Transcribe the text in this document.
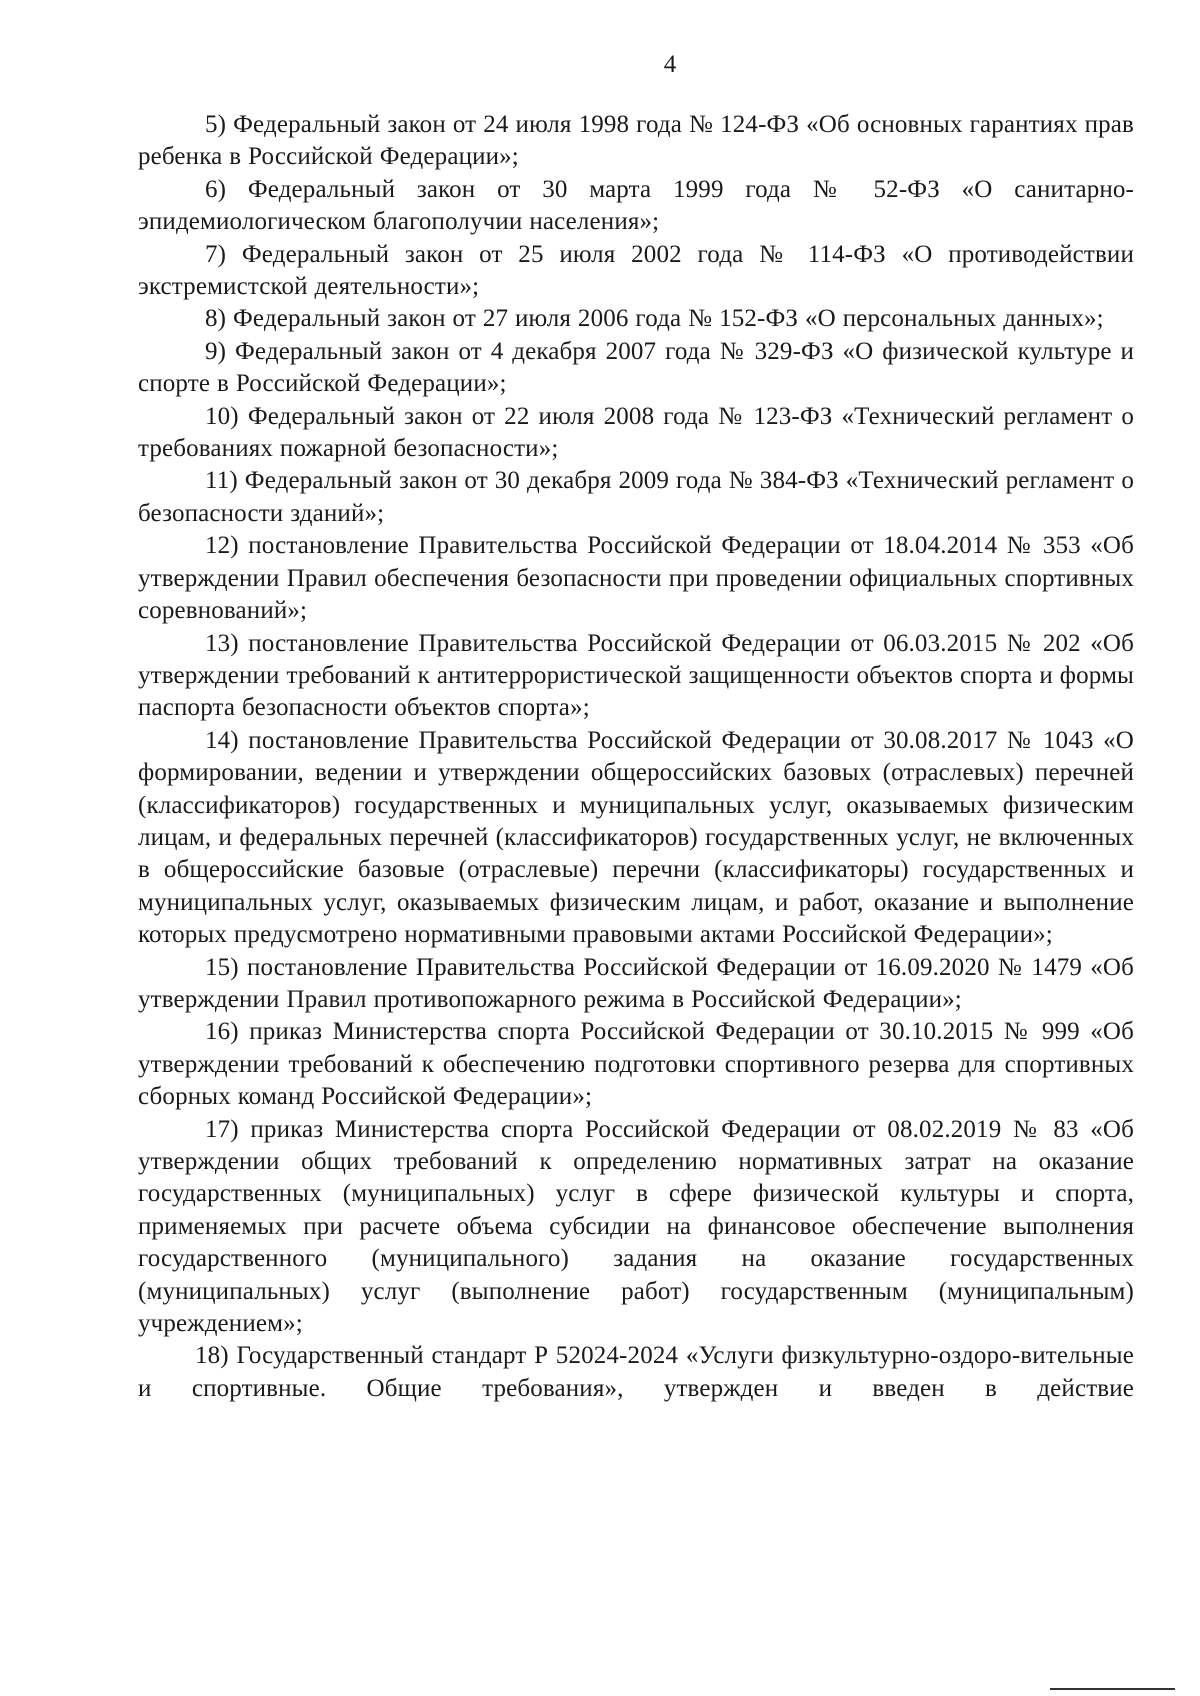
4

5) Федеральный закон от 24 июля 1998 года № 124-ФЗ «Об основных гарантиях прав ребенка в Российской Федерации»;

6) Федеральный закон от 30 марта 1999 года № 52-ФЗ «О санитарно-эпидемиологическом благополучии населения»;

7) Федеральный закон от 25 июля 2002 года № 114-ФЗ «О противодействии экстремистской деятельности»;

8) Федеральный закон от 27 июля 2006 года № 152-ФЗ «О персональных данных»;

9) Федеральный закон от 4 декабря 2007 года № 329-ФЗ «О физической культуре и спорте в Российской Федерации»;

10) Федеральный закон от 22 июля 2008 года № 123-ФЗ «Технический регламент о требованиях пожарной безопасности»;

11) Федеральный закон от 30 декабря 2009 года № 384-ФЗ «Технический регламент о безопасности зданий»;

12) постановление Правительства Российской Федерации от 18.04.2014 № 353 «Об утверждении Правил обеспечения безопасности при проведении официальных спортивных соревнований»;

13) постановление Правительства Российской Федерации от 06.03.2015 № 202 «Об утверждении требований к антитеррористической защищенности объектов спорта и формы паспорта безопасности объектов спорта»;

14) постановление Правительства Российской Федерации от 30.08.2017 № 1043 «О формировании, ведении и утверждении общероссийских базовых (отраслевых) перечней (классификаторов) государственных и муниципальных услуг, оказываемых физическим лицам, и федеральных перечней (классификаторов) государственных услуг, не включенных в общероссийские базовые (отраслевые) перечни (классификаторы) государственных и муниципальных услуг, оказываемых физическим лицам, и работ, оказание и выполнение которых предусмотрено нормативными правовыми актами Российской Федерации»;

15) постановление Правительства Российской Федерации от 16.09.2020 № 1479 «Об утверждении Правил противопожарного режима в Российской Федерации»;

16) приказ Министерства спорта Российской Федерации от 30.10.2015 № 999 «Об утверждении требований к обеспечению подготовки спортивного резерва для спортивных сборных команд Российской Федерации»;

17) приказ Министерства спорта Российской Федерации от 08.02.2019 № 83 «Об утверждении общих требований к определению нормативных затрат на оказание государственных (муниципальных) услуг в сфере физической культуры и спорта, применяемых при расчете объема субсидии на финансовое обеспечение выполнения государственного (муниципального) задания на оказание государственных (муниципальных) услуг (выполнение работ) государственным (муниципальным) учреждением»;

18) Государственный стандарт Р 52024-2024 «Услуги физкультурно-оздоро-вительные и спортивные. Общие требования», утвержден и введен в действие
